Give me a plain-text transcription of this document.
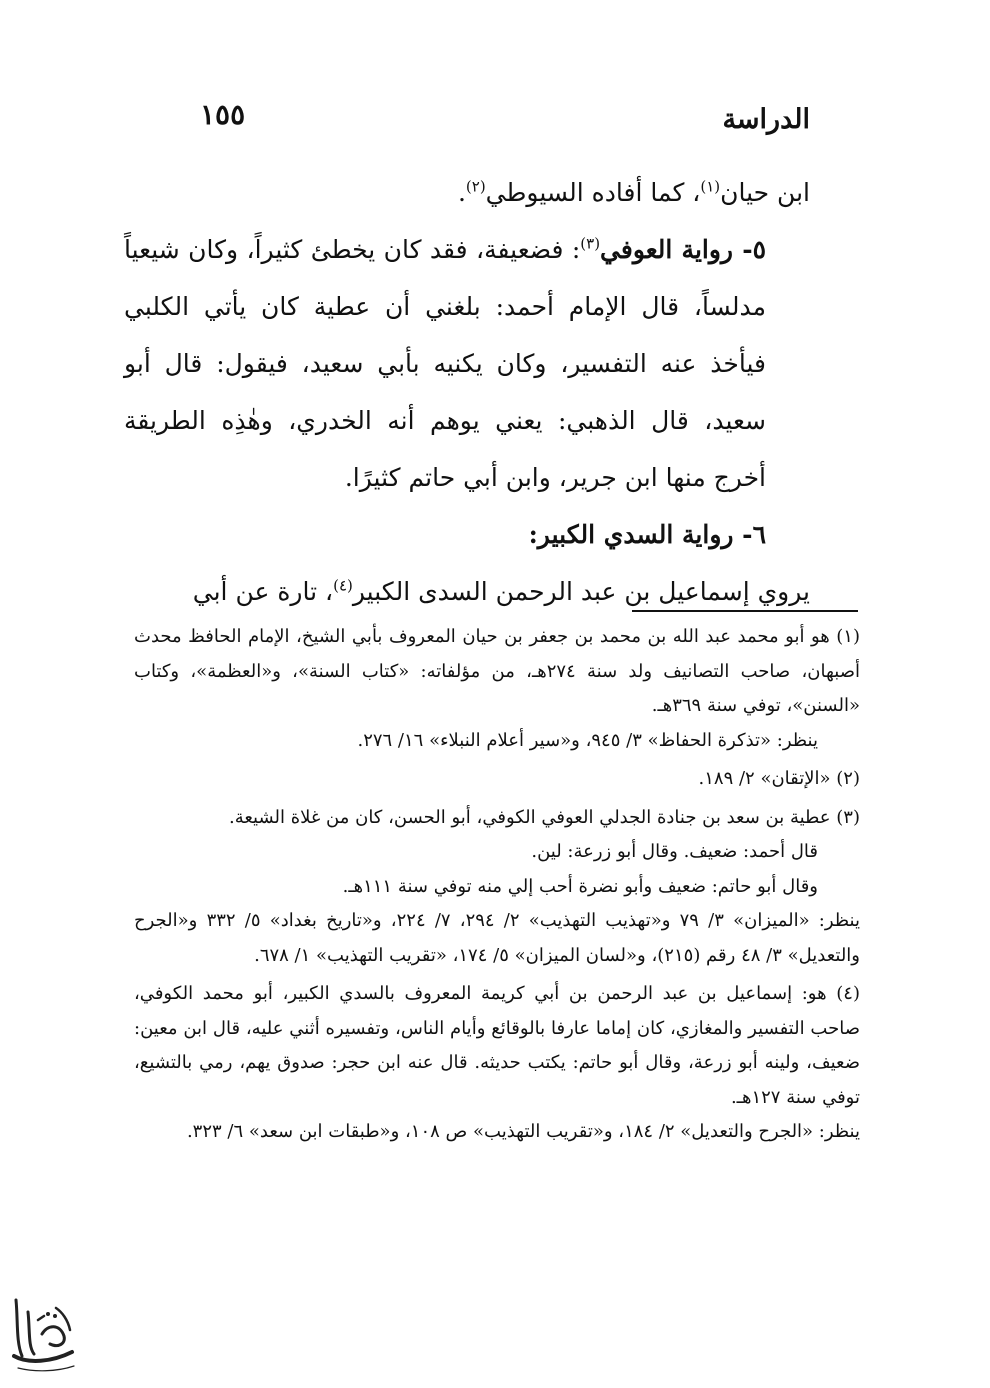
الدراسة
١٥٥

ابن حيان$^{(١)}$، كما أفاده السيوطي$^{(٢)}$.

٥- رواية العوفي$^{(٣)}$: فضعيفة، فقد كان يخطئ كثيراً، وكان شيعياً مدلساً، قال الإمام أحمد: بلغني أن عطية كان يأتي الكلبي فيأخذ عنه التفسير، وكان يكنيه بأبي سعيد، فيقول: قال أبو سعيد، قال الذهبي: يعني يوهم أنه الخدري، وهٰذِه الطريقة أخرج منها ابن جرير، وابن أبي حاتم كثيرًا.

٦- رواية السدي الكبير:

يروي إسماعيل بن عبد الرحمن السدى الكبير$^{(٤)}$، تارة عن أبي

(١) هو أبو محمد عبد الله بن محمد بن جعفر بن حيان المعروف بأبي الشيخ، الإمام الحافظ محدث أصبهان، صاحب التصانيف ولد سنة ٢٧٤هـ، من مؤلفاته: «كتاب السنة»، و«العظمة»، وكتاب «السنن»، توفي سنة ٣٦٩هـ.

ينظر: «تذكرة الحفاظ» ٣/ ٩٤٥، و«سير أعلام النبلاء» ١٦/ ٢٧٦.

(٢) «الإتقان» ٢/ ١٨٩.

(٣) عطية بن سعد بن جنادة الجدلي العوفي الكوفي، أبو الحسن، كان من غلاة الشيعة.

قال أحمد: ضعيف. وقال أبو زرعة: لين.

وقال أبو حاتم: ضعيف وأبو نضرة أحب إلي منه توفي سنة ١١١هـ.

ينظر: «الميزان» ٣/ ٧٩ و«تهذيب التهذيب» ٢/ ٢٩٤، ٧/ ٢٢٤، و«تاريخ بغداد» ٥/ ٣٣٢ و«الجرح والتعديل» ٣/ ٤٨ رقم (٢١٥)، و«لسان الميزان» ٥/ ١٧٤، «تقريب التهذيب» ١/ ٦٧٨.

(٤) هو: إسماعيل بن عبد الرحمن بن أبي كريمة المعروف بالسدي الكبير، أبو محمد الكوفي، صاحب التفسير والمغازي، كان إماما عارفا بالوقائع وأيام الناس، وتفسيره أثني عليه، قال ابن معين: ضعيف، ولينه أبو زرعة، وقال أبو حاتم: يكتب حديثه. قال عنه ابن حجر: صدوق يهم، رمي بالتشيع، توفي سنة ١٢٧هـ.

ينظر: «الجرح والتعديل» ٢/ ١٨٤، و«تقريب التهذيب» ص ١٠٨، و«طبقات ابن سعد» ٦/ ٣٢٣.
